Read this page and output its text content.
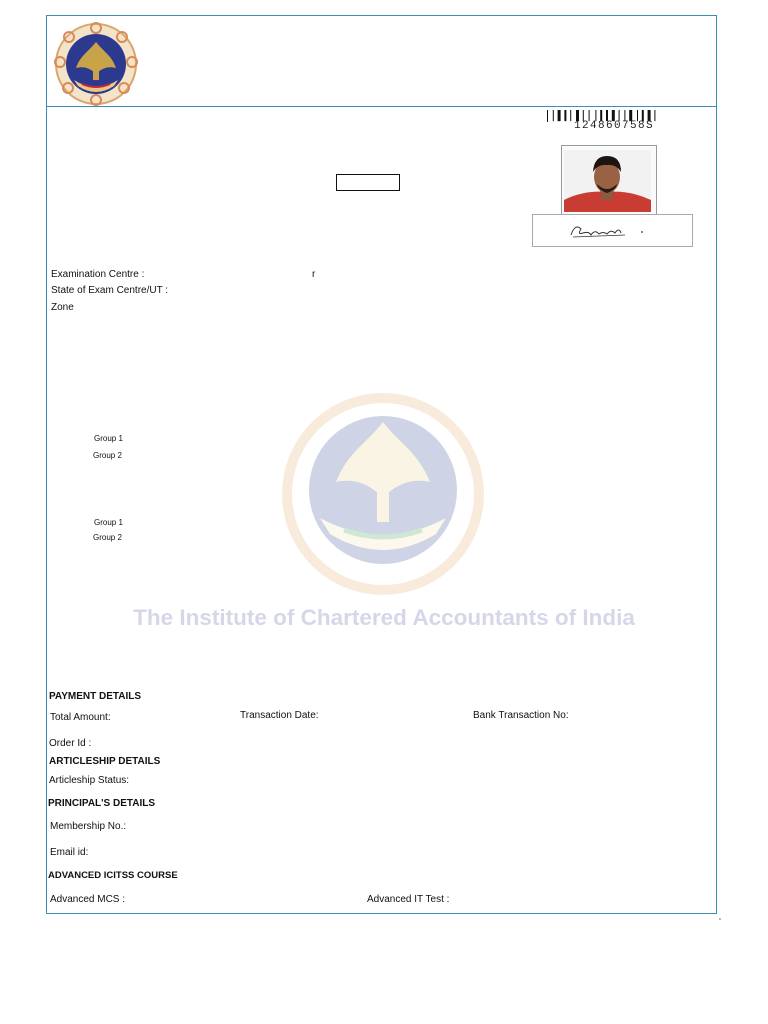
124860758S
Examination Centre :	r
State of Exam Centre/UT :
Zone
Group 1
Group 2
Group 1
Group 2
The Institute of Chartered Accountants of India
PAYMENT DETAILS
Total Amount:	Transaction Date:	Bank Transaction No:
Order Id :
ARTICLESHIP DETAILS
Articleship Status:
PRINCIPAL'S DETAILS
Membership No.:
Email id:
ADVANCED ICITSS COURSE
Advanced MCS :	Advanced IT Test :
